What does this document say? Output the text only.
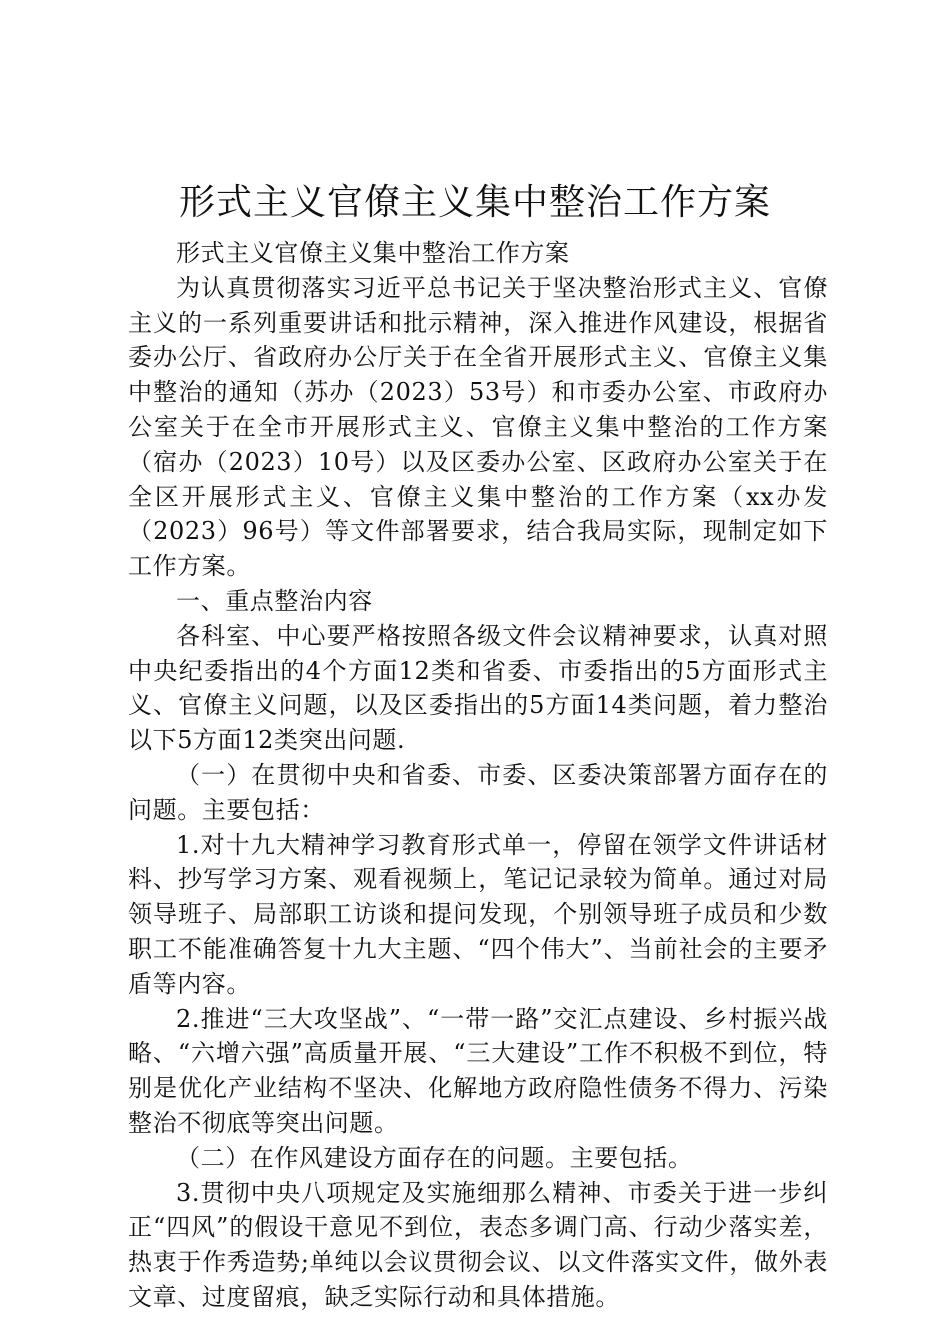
形式主义官僚主义集中整治工作方案

形式主义官僚主义集中整治工作方案

为认真贯彻落实习近平总书记关于坚决整治形式主义、官僚主义的一系列重要讲话和批示精神，深入推进作风建设，根据省委办公厅、省政府办公厅关于在全省开展形式主义、官僚主义集中整治的通知（苏办（2023）53号）和市委办公室、市政府办公室关于在全市开展形式主义、官僚主义集中整治的工作方案（宿办（2023）10号）以及区委办公室、区政府办公室关于在全区开展形式主义、官僚主义集中整治的工作方案（xx办发（2023）96号）等文件部署要求，结合我局实际，现制定如下工作方案。

一、重点整治内容

各科室、中心要严格按照各级文件会议精神要求，认真对照中央纪委指出的4个方面12类和省委、市委指出的5方面形式主义、官僚主义问题，以及区委指出的5方面14类问题，着力整治以下5方面12类突出问题.

（一）在贯彻中央和省委、市委、区委决策部署方面存在的问题。主要包括：

1.对十九大精神学习教育形式单一，停留在领学文件讲话材料、抄写学习方案、观看视频上，笔记记录较为简单。通过对局领导班子、局部职工访谈和提问发现，个别领导班子成员和少数职工不能准确答复十九大主题、“四个伟大”、当前社会的主要矛盾等内容。

2.推进“三大攻坚战”、“一带一路”交汇点建设、乡村振兴战略、“六增六强”高质量开展、“三大建设”工作不积极不到位，特别是优化产业结构不坚决、化解地方政府隐性债务不得力、污染整治不彻底等突出问题。

（二）在作风建设方面存在的问题。主要包括。

3.贯彻中央八项规定及实施细那么精神、市委关于进一步纠正“四风”的假设干意见不到位，表态多调门高、行动少落实差，热衷于作秀造势;单纯以会议贯彻会议、以文件落实文件，做外表文章、过度留痕，缺乏实际行动和具体措施。
